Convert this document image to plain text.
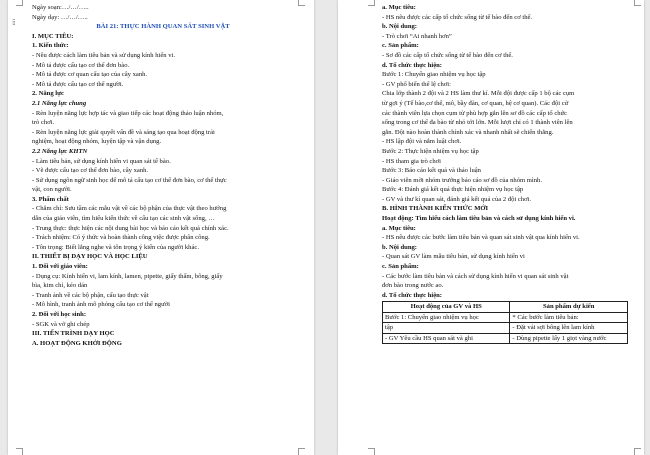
⁞⁞
Ngày soạn:…/…/…..
Ngày dạy: …/…/…..
BÀI 21: THỰC HÀNH QUAN SÁT SINH VẬT
I. MỤC TIÊU:
1. Kiến thức:
- Nêu được cách làm tiêu bản và sử dụng kính hiển vi.
- Mô tả được cấu tạo cơ thể đơn bào.
- Mô tả được cơ quan cấu tạo của cây xanh.
- Mô tả được cấu tạo cơ thể người.
2. Năng lực
2.1 Năng lực chung
- Rèn luyện năng lực hợp tác và giao tiếp các hoạt động thảo luận nhóm,
trò chơi.
- Rèn luyện năng lực giải quyết vấn đề và sáng tạo qua hoạt động trải
nghiệm, hoạt động nhóm, luyện tập và vận dụng.
2.2 Năng lực KHTN
- Làm tiêu bản, sử dụng kính hiển vi quan sát tế bào.
- Vẽ được cấu tạo cơ thể đơn bào, cây xanh.
- Sử dụng ngôn ngữ sinh học để mô tả cấu tạo cơ thể đơn bào, cơ thể thực
vật, con người.
3. Phẩm chất
- Chăm chỉ: Sưu tầm các mẫu vật về các bộ phận của thực vật theo hướng
dẫn của giáo viên, tìm hiểu kiến thức về cấu tạo các sinh vật sống, …
- Trung thực: thực hiện các nội dung bài học và báo cáo kết quả chính xác.
- Trách nhiệm: Có ý thức và hoàn thành công việc được phân công.
- Tôn trọng: Biết lắng nghe và tôn trọng ý kiến của người khác.
II. THIẾT BỊ DẠY HỌC VÀ HỌC LIỆU
1. Đối với giáo viên:
- Dụng cụ: Kính hiển vi, lam kính, lamen, pipette, giấy thấm, bông, giấy
bìa, kim chỉ, kéo dán
- Tranh ảnh về các bộ phận, cấu tạo thực vật
- Mô hình, tranh ảnh mô phỏng cấu tạo cơ thể người
2. Đối với học sinh:
- SGK và vở ghi chép
III. TIẾN TRÌNH DẠY HỌC
A. HOẠT ĐỘNG KHỞI ĐỘNG
a. Mục tiêu:
- HS nêu được các cấp tổ chức sống từ tế bào đến cơ thể.
b. Nội dung:
- Trò chơi “Ai nhanh hơn”
c. Sản phẩm:
- Sơ đồ các cấp tổ chức sống từ tế bào đến cơ thể.
d. Tổ chức thực hiện:
Bước 1: Chuyển giao nhiệm vụ học tập
- GV phổ biến thể lệ chơi:
Chia lớp thành 2 đội và 2 HS làm thư kí. Mỗi đội được cấp 1 bộ các cụm
từ gợi ý (Tế bào,cơ thể, mô, bầy đàn, cơ quan, hệ cơ quan). Các đội cử
các thành viên lựa chọn cụm từ phù hợp gắn lên sơ đồ các cấp tổ chức
sống trong cơ thể đa bào từ nhỏ tới lớn. Mỗi lượt chỉ có 1 thành viên lên
gắn. Đội nào hoàn thành chính xác và nhanh nhất sẽ chiến thắng.
- HS lập đội và nắm luật chơi.
Bước 2: Thực hiện nhiệm vụ học tập
- HS tham gia trò chơi
Bước 3: Báo cáo kết quả và thảo luận
- Giáo viên mời nhóm trưởng báo cáo sơ đồ của nhóm mình.
Bước 4: Đánh giá kết quả thực hiện nhiệm vụ học tập
- GV và thư kí quan sát, đánh giá kết quả của 2 đội chơi.
B. HÌNH THÀNH KIẾN THỨC MỚI
Hoạt động: Tìm hiểu cách làm tiêu bản và cách sử dụng kính hiển vi.
a. Mục tiêu:
- HS nêu được các bước làm tiêu bản và quan sát sinh vật qua kính hiển vi.
b. Nội dung:
- Quan sát GV làm mẫu tiêu bản, sử dụng kính hiển vi
c. Sản phẩm:
- Các bước làm tiêu bản và cách sử dụng kính hiển vi quan sát sinh vật
đơn bào trong nước ao.
d. Tổ chức thực hiện:
Hoạt động của GV và HS	Sản phẩm dự kiến
Bước 1: Chuyển giao nhiệm vụ học	* Các bước làm tiêu bản:
tập	- Đặt vải sợi bông lên lam kính
- GV Yêu cầu HS quan sát và ghi	- Dùng pipette lấy 1 giọt vàng nước
